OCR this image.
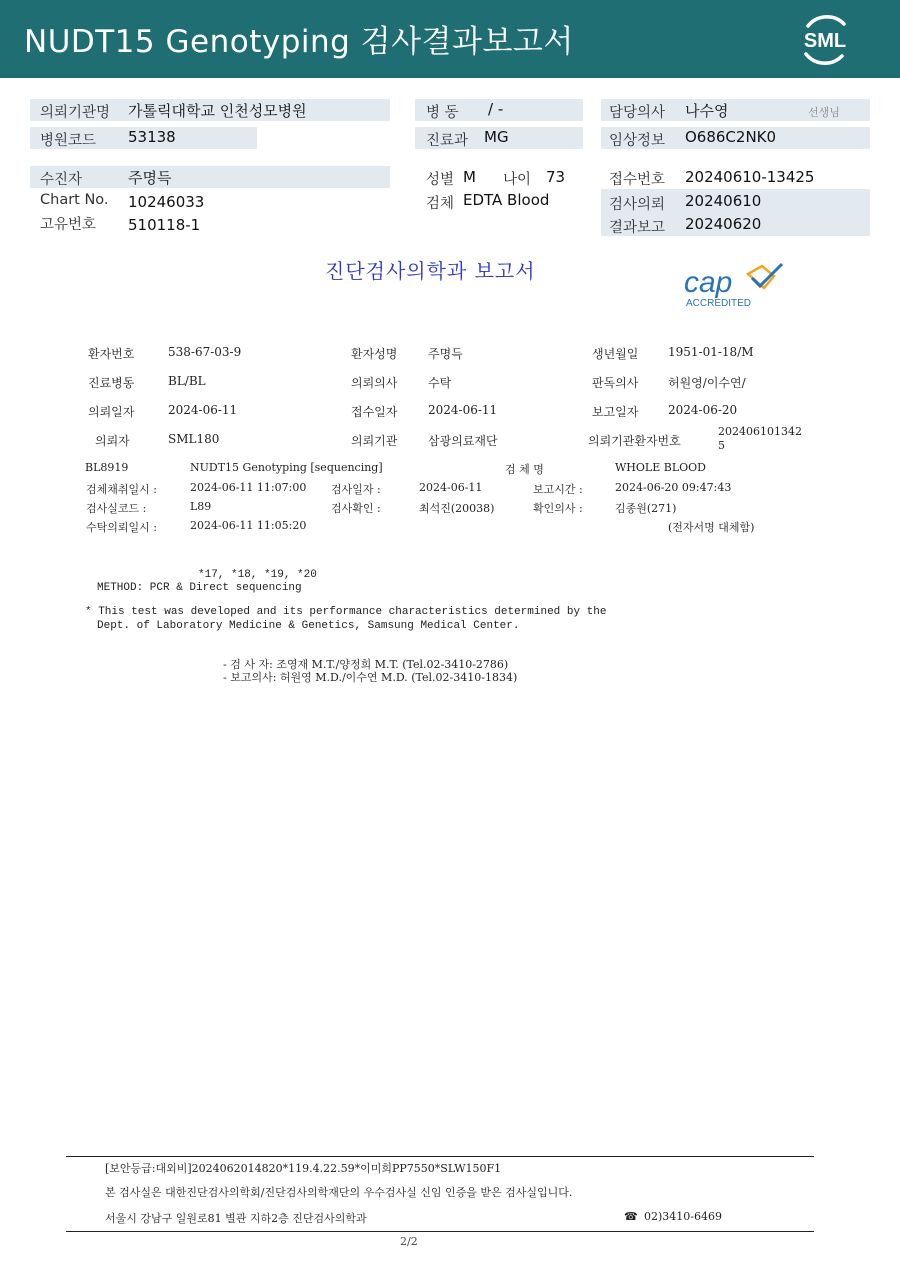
NUDT15 Genotyping 검사결과보고서	SML
의뢰기관명 가톨릭대학교 인천성모병원
병원코드 53138
병 동 / -
진료과 MG
담당의사 나수영	선생님
임상정보 O686C2NK0
수진자	주명득
Chart No. 10246033
고유번호 510118-1
성별 M 나이 73
검체 EDTA Blood
접수번호 20240610-13425
검사의뢰 20240610
결과보고 20240620
진단검사의학과 보고서	cap
ACCREDITED
환자번호	538-67-03-9	환자성명	주명득	생년월일 1951-01-18/M
진료병동	BL/BL	의뢰의사	수탁	판독의사 허원영/이수연/
의뢰일자	2024-06-11	접수일자	2024-06-11	보고일자 2024-06-20
의뢰자	SML180	의뢰기관	삼광의료재단	의뢰기관환자번호
202406101342
5
BL8919	NUDT15 Genotyping [sequencing]	검 체 명	WHOLE BLOOD
검체채취일시 :	2024-06-11 11:07:00 검사일자 :	2024-06-11	보고시간 :	2024-06-20 09:47:43
검사실코드 :	L89	검사확인 :	최석진(20038)	확인의사 :	김종원(271)
수탁의뢰일시 :	2024-06-11 11:05:20	(전자서명 대체함)
*17, *18, *19, *20
METHOD: PCR & Direct sequencing
* This test was developed and its performance characteristics determined by the
Dept. of Laboratory Medicine & Genetics, Samsung Medical Center.
- 검 사 자: 조영재 M.T./양정희 M.T. (Tel.02-3410-2786)
- 보고의사: 허원영 M.D./이수연 M.D. (Tel.02-3410-1834)
[보안등급:대외비]2024062014820*119.4.22.59*이미희PP7550*SLW150F1
본 검사실은 대한진단검사의학회/진단검사의학재단의 우수검사실 신임 인증을 받은 검사실입니다.
서울시 강남구 일원로81 별관 지하2층 진단검사의학과	☎ 02)3410-6469
2/2
